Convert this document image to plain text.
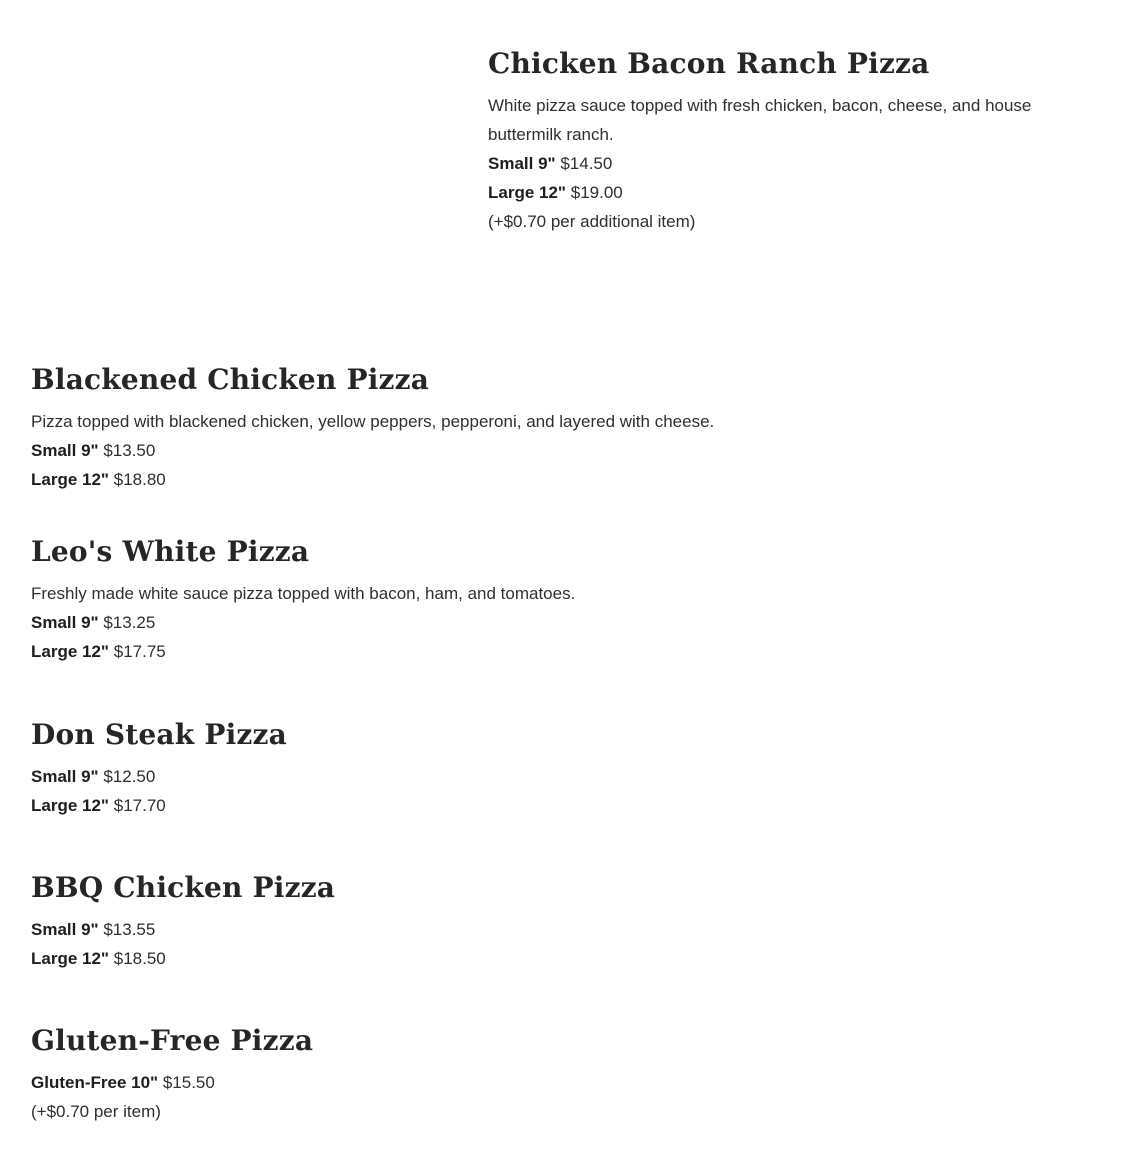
Chicken Bacon Ranch Pizza

White pizza sauce topped with fresh chicken, bacon, cheese, and house buttermilk ranch.

Small 9" $14.50
Large 12" $19.00
(+$0.70 per additional item)
Blackened Chicken Pizza

Pizza topped with blackened chicken, yellow peppers, pepperoni, and layered with cheese.

Small 9" $13.50
Large 12" $18.80
Leo's White Pizza

Freshly made white sauce pizza topped with bacon, ham, and tomatoes.

Small 9" $13.25
Large 12" $17.75
Don Steak Pizza
Small 9" $12.50
Large 12" $17.70
BBQ Chicken Pizza
Small 9" $13.55
Large 12" $18.50
Gluten-Free Pizza
Gluten-Free 10" $15.50
(+$0.70 per item)
